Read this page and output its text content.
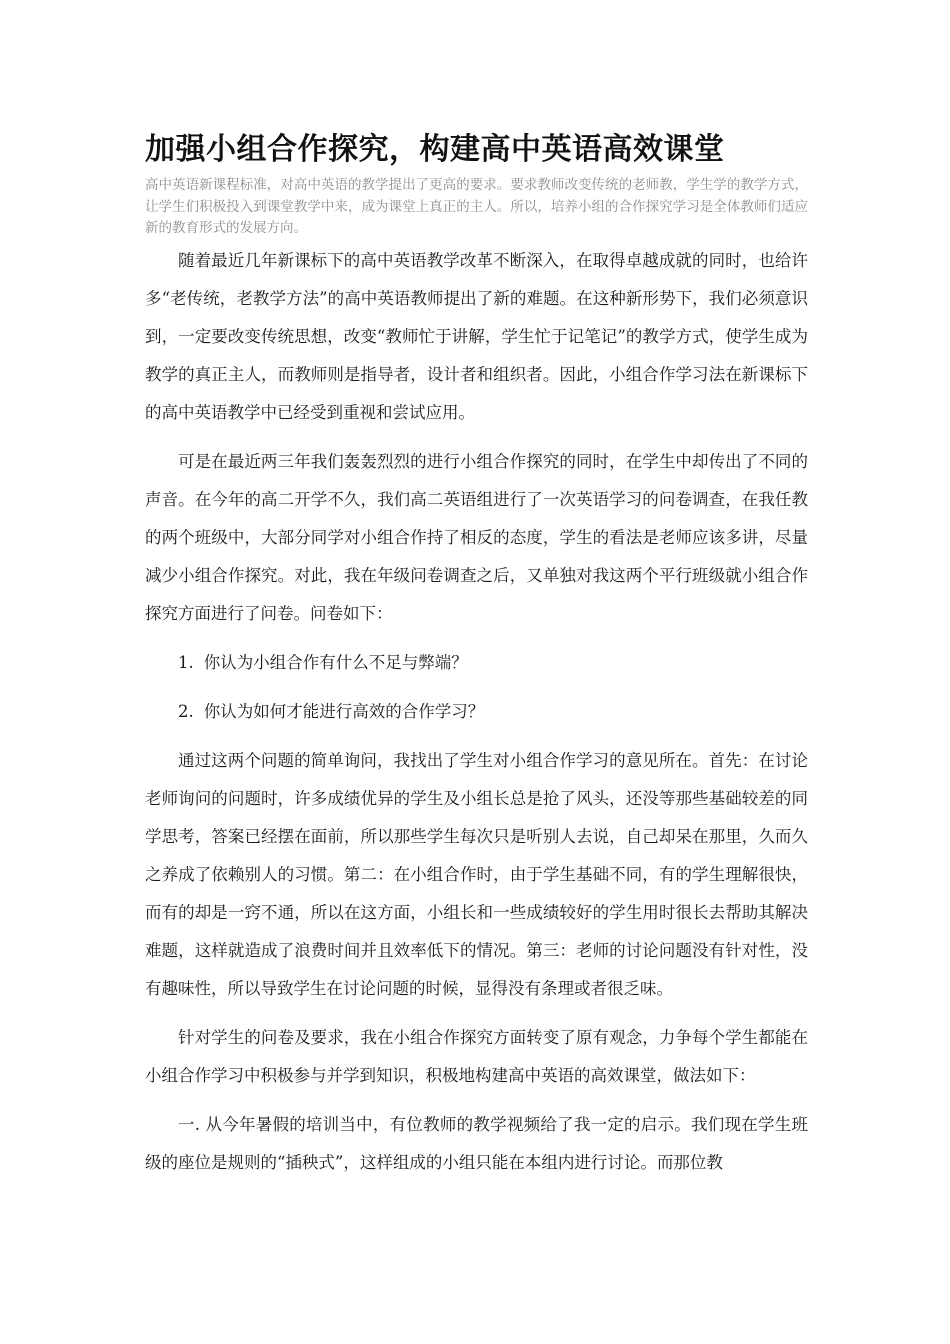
加强小组合作探究，构建高中英语高效课堂

高中英语新课程标准，对高中英语的教学提出了更高的要求。要求教师改变传统的老师教，学生学的教学方式，让学生们积极投入到课堂教学中来，成为课堂上真正的主人。所以，培养小组的合作探究学习是全体教师们适应新的教育形式的发展方向。

随着最近几年新课标下的高中英语教学改革不断深入，在取得卓越成就的同时，也给许多“老传统，老教学方法”的高中英语教师提出了新的难题。在这种新形势下，我们必须意识到，一定要改变传统思想，改变“教师忙于讲解，学生忙于记笔记”的教学方式，使学生成为教学的真正主人，而教师则是指导者，设计者和组织者。因此，小组合作学习法在新课标下的高中英语教学中已经受到重视和尝试应用。

可是在最近两三年我们轰轰烈烈的进行小组合作探究的同时，在学生中却传出了不同的声音。在今年的高二开学不久，我们高二英语组进行了一次英语学习的问卷调查，在我任教的两个班级中，大部分同学对小组合作持了相反的态度，学生的看法是老师应该多讲，尽量减少小组合作探究。对此，我在年级问卷调查之后，又单独对我这两个平行班级就小组合作探究方面进行了问卷。问卷如下：

1. 你认为小组合作有什么不足与弊端？
2. 你认为如何才能进行高效的合作学习？

通过这两个问题的简单询问，我找出了学生对小组合作学习的意见所在。首先：在讨论老师询问的问题时，许多成绩优异的学生及小组长总是抢了风头，还没等那些基础较差的同学思考，答案已经摆在面前，所以那些学生每次只是听别人去说，自己却呆在那里，久而久之养成了依赖别人的习惯。第二：在小组合作时，由于学生基础不同，有的学生理解很快，而有的却是一窍不通，所以在这方面，小组长和一些成绩较好的学生用时很长去帮助其解决难题，这样就造成了浪费时间并且效率低下的情况。第三：老师的讨论问题没有针对性，没有趣味性，所以导致学生在讨论问题的时候，显得没有条理或者很乏味。

针对学生的问卷及要求，我在小组合作探究方面转变了原有观念，力争每个学生都能在小组合作学习中积极参与并学到知识，积极地构建高中英语的高效课堂，做法如下：

一. 从今年暑假的培训当中，有位教师的教学视频给了我一定的启示。我们现在学生班级的座位是规则的“插秧式”，这样组成的小组只能在本组内进行讨论。而那位教
